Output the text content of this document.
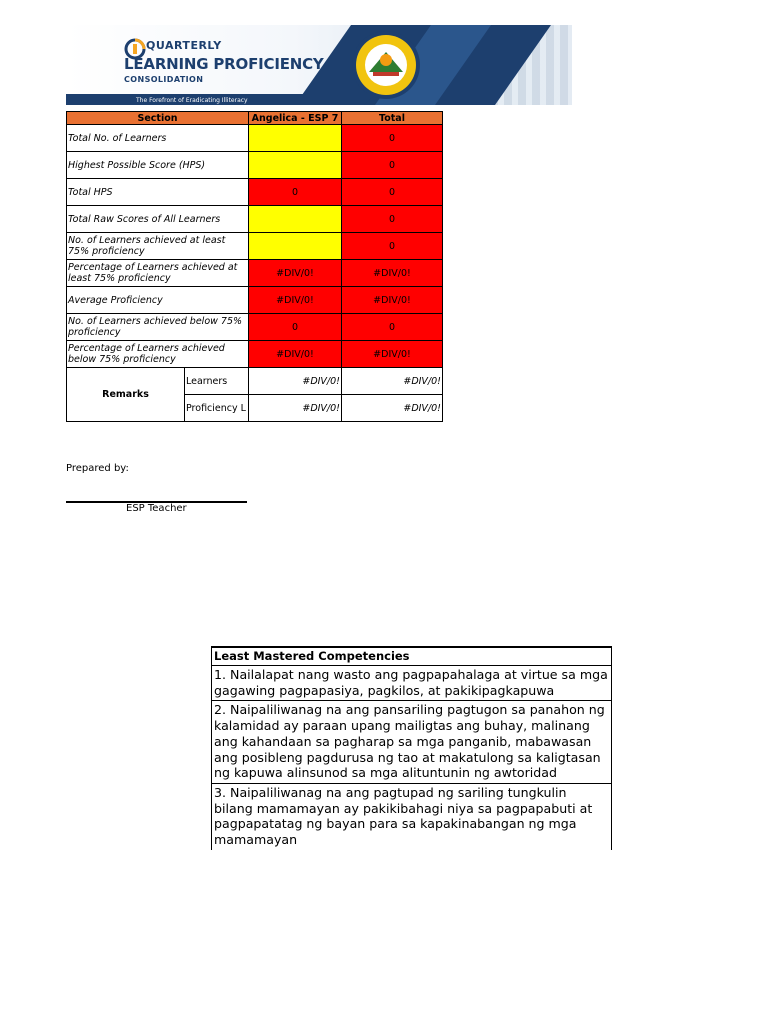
QUARTERLY
LEARNING PROFICIENCY
CONSOLIDATION
The Forefront of Eradicating Illiteracy
Section		Angelica - ESP 7	Total
Total No. of Learners			0
Highest Possible Score (HPS)			0
Total HPS		0	0
Total Raw Scores of All Learners			0
No. of Learners achieved at least 75% proficiency			0
Percentage of Learners achieved at least 75% proficiency		#DIV/0!	#DIV/0!
Average Proficiency		#DIV/0!	#DIV/0!
No. of Learners achieved below 75% proficiency		0	0
Percentage of Learners achieved below 75% proficiency		#DIV/0!	#DIV/0!
Remarks	Learners	#DIV/0!	#DIV/0!
	Proficiency L	#DIV/0!	#DIV/0!
Prepared by:
ESP Teacher
Least Mastered Competencies
1. Nailalapat nang wasto ang pagpapahalaga at virtue sa mga gagawing pagpapasiya, pagkilos, at pakikipagkapuwa
2. Naipaliliwanag na ang pansariling pagtugon sa panahon ng kalamidad ay paraan upang mailigtas ang buhay, malinang ang kahandaan sa pagharap sa mga panganib, mabawasan ang posibleng pagdurusa ng tao at makatulong sa kaligtasan ng kapuwa alinsunod sa mga alituntunin ng awtoridad
3. Naipaliliwanag na ang pagtupad ng sariling tungkulin bilang mamamayan ay pakikibahagi niya sa pagpapabuti at pagpapatatag ng bayan para sa kapakinabangan ng mga mamamayan
